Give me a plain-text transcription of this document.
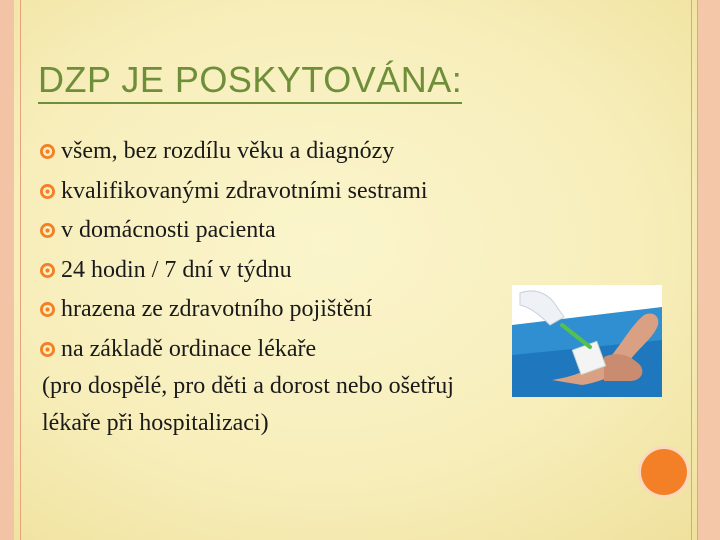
DZP JE POSKYTOVÁNA:
všem, bez rozdílu věku a diagnózy
kvalifikovanými zdravotními sestrami
v domácnosti pacienta
24 hodin / 7 dní v týdnu
hrazena ze zdravotního pojištění
na základě ordinace lékaře
(pro dospělé, pro děti a dorost nebo ošetřuj
lékaře při hospitalizaci)
